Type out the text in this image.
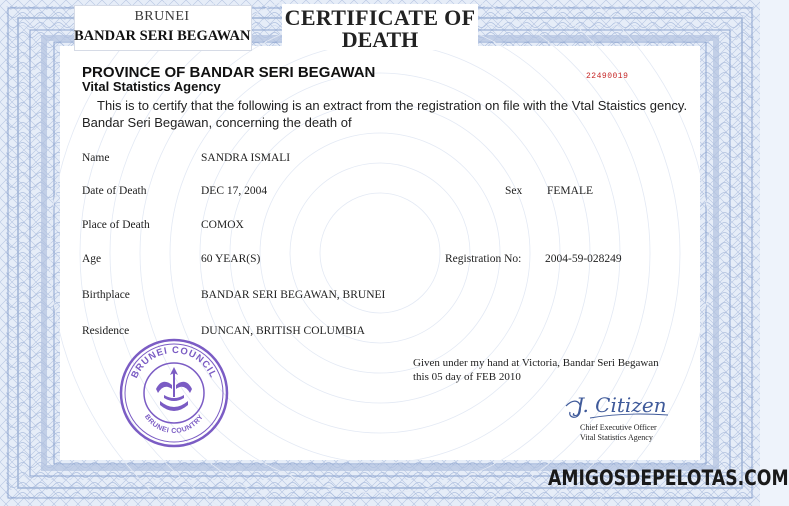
BRUNEI
BANDAR SERI BEGAWAN
CERTIFICATE OF
DEATH
PROVINCE OF BANDAR SERI BEGAWAN
Vital Statistics Agency
22490019
This is to certify that the following is an extract from the registration on file with the Vtal Staistics gency.
Bandar Seri Begawan, concerning the death of
Name	SANDRA ISMALI
Date of Death	DEC 17, 2004	Sex FEMALE
Place of Death	COMOX
Age	60 YEAR(S)	Registration No: 2004-59-028249
Birthplace	BANDAR SERI BEGAWAN, BRUNEI
Residence	DUNCAN, BRITISH COLUMBIA
BRUNEI COUNCIL
BRUNEI COUNTRY
Given under my hand at Victoria, Bandar Seri Begawan
this 05 day of FEB 2010
J. Citizen
Chief Executive Officer
Vital Statistics Agency
AMIGOSDEPELOTAS.COM
